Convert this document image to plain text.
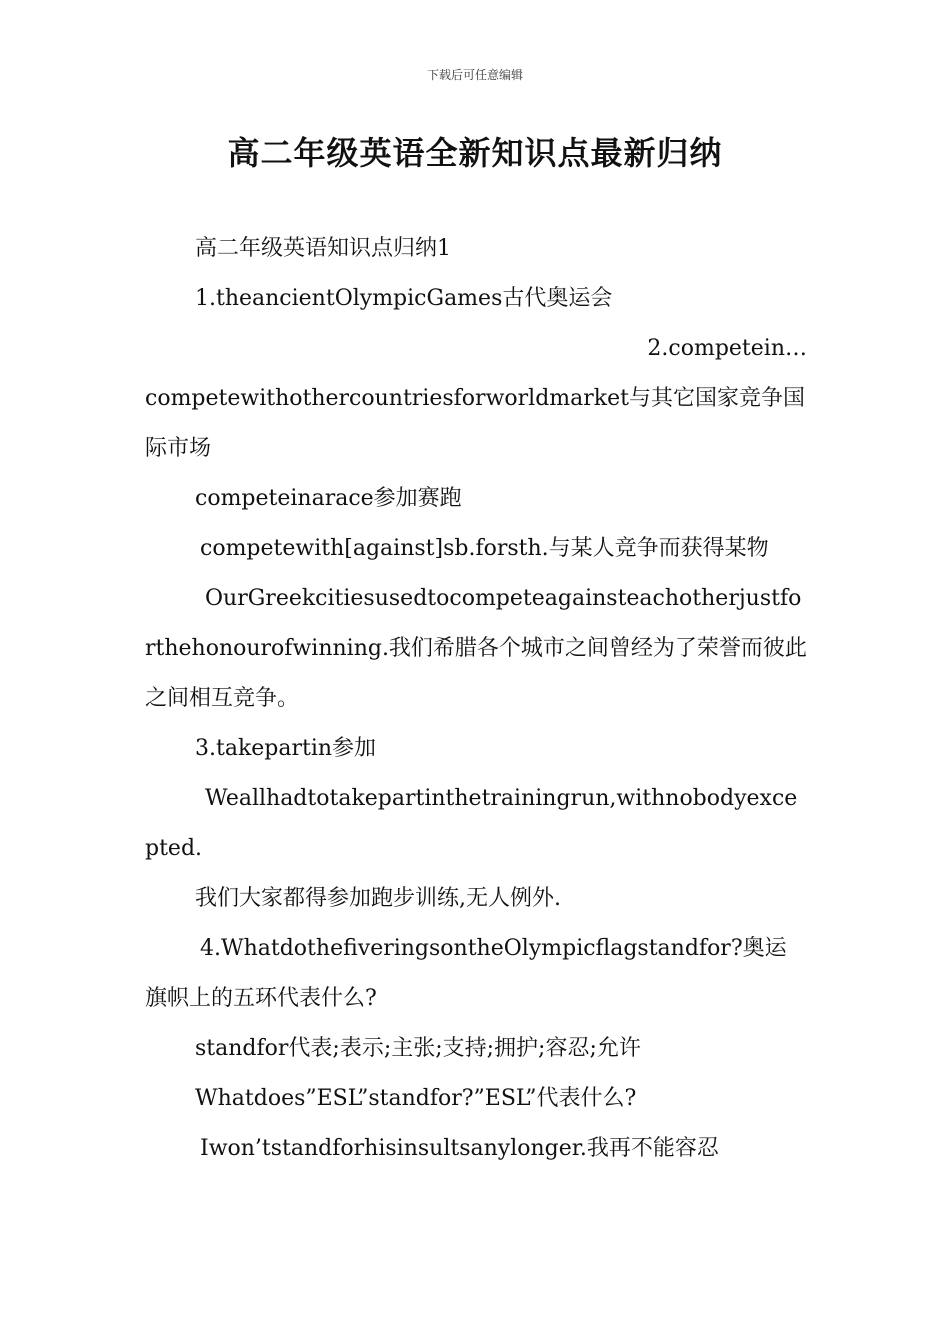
下载后可任意编辑
高二年级英语全新知识点最新归纳

高二年级英语知识点归纳1

1.theancientOlympicGames古代奥运会

2.competein…

competewithothercountriesforworldmarket与其它国家竞争国际市场

competeinarace参加赛跑

competewith[against]sb.forsth.与某人竞争而获得某物

OurGreekcitiesusedtocompeteagainsteachotherjustforthehonourofwinning.我们希腊各个城市之间曾经为了荣誉而彼此之间相互竞争。

3.takepartin参加

Weallhadtotakepartinthetrainingrun,withnobodyexcepted.

我们大家都得参加跑步训练,无人例外.

4.WhatdothefiveringsontheOlympicflagstandfor?奥运旗帜上的五环代表什么?

standfor代表;表示;主张;支持;拥护;容忍;允许

Whatdoes”ESL”standfor?”ESL”代表什么?

Iwon’tstandforhisinsultsanylonger.我再不能容忍
